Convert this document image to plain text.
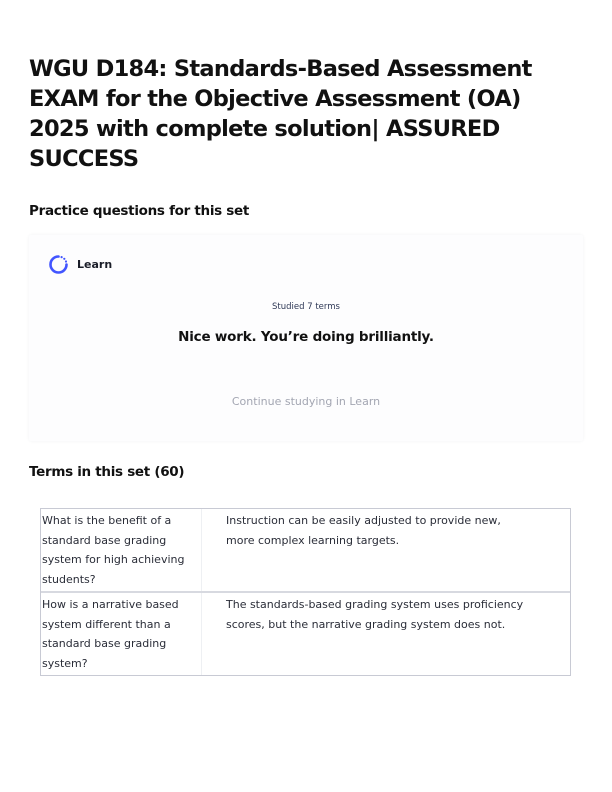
WGU D184: Standards-Based Assessment EXAM for the Objective Assessment (OA) 2025 with complete solution| ASSURED SUCCESS
Practice questions for this set
Learn
Studied 7 terms
Nice work. You’re doing brilliantly.
Continue studying in Learn
Terms in this set (60)
What is the benefit of a standard base grading system for high achieving students?
Instruction can be easily adjusted to provide new, more complex learning targets.
How is a narrative based system different than a standard base grading system?
The standards-based grading system uses proficiency scores, but the narrative grading system does not.
